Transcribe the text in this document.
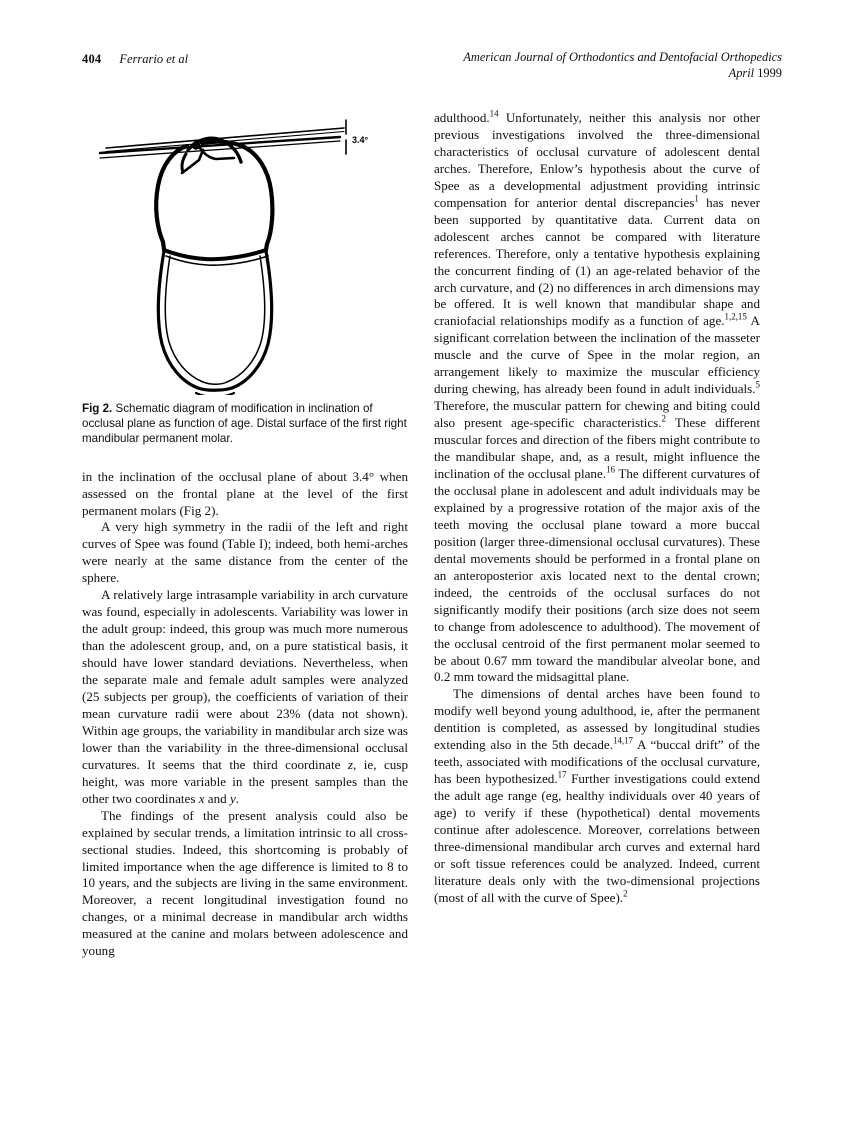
404 Ferrario et al	American Journal of Orthodontics and Dentofacial Orthopedics
April 1999
3.4°
Fig 2. Schematic diagram of modification in inclination of occlusal plane as function of age. Distal surface of the first right mandibular permanent molar.

in the inclination of the occlusal plane of about 3.4° when assessed on the frontal plane at the level of the first permanent molars (Fig 2).

A very high symmetry in the radii of the left and right curves of Spee was found (Table I); indeed, both hemi-arches were nearly at the same distance from the center of the sphere.

A relatively large intrasample variability in arch curvature was found, especially in adolescents. Variability was lower in the adult group: indeed, this group was much more numerous than the adolescent group, and, on a pure statistical basis, it should have lower standard deviations. Nevertheless, when the separate male and female adult samples were analyzed (25 subjects per group), the coefficients of variation of their mean curvature radii were about 23% (data not shown). Within age groups, the variability in mandibular arch size was lower than the variability in the three-dimensional occlusal curvatures. It seems that the third coordinate z, ie, cusp height, was more variable in the present samples than the other two coordinates x and y.

The findings of the present analysis could also be explained by secular trends, a limitation intrinsic to all cross-sectional studies. Indeed, this shortcoming is probably of limited importance when the age difference is limited to 8 to 10 years, and the subjects are living in the same environment. Moreover, a recent longitudinal investigation found no changes, or a minimal decrease in mandibular arch widths measured at the canine and molars between adolescence and young

adulthood.$^{14}$ Unfortunately, neither this analysis nor other previous investigations involved the three-dimensional characteristics of occlusal curvature of adolescent dental arches. Therefore, Enlow’s hypothesis about the curve of Spee as a developmental adjustment providing intrinsic compensation for anterior dental discrepancies$^1$ has never been supported by quantitative data. Current data on adolescent arches cannot be compared with literature references. Therefore, only a tentative hypothesis explaining the concurrent finding of (1) an age-related behavior of the arch curvature, and (2) no differences in arch dimensions may be offered. It is well known that mandibular shape and craniofacial relationships modify as a function of age.$^{1,2,15}$ A significant correlation between the inclination of the masseter muscle and the curve of Spee in the molar region, an arrangement likely to maximize the muscular efficiency during chewing, has already been found in adult individuals.$^5$ Therefore, the muscular pattern for chewing and biting could also present age-specific characteristics.$^2$ These different muscular forces and direction of the fibers might contribute to the mandibular shape, and, as a result, might influence the inclination of the occlusal plane.$^{16}$ The different curvatures of the occlusal plane in adolescent and adult individuals may be explained by a progressive rotation of the major axis of the teeth moving the occlusal plane toward a more buccal position (larger three-dimensional occlusal curvatures). These dental movements should be performed in a frontal plane on an anteroposterior axis located next to the dental crown; indeed, the centroids of the occlusal surfaces do not significantly modify their positions (arch size does not seem to change from adolescence to adulthood). The movement of the occlusal centroid of the first permanent molar seemed to be about 0.67 mm toward the mandibular alveolar bone, and 0.2 mm toward the midsagittal plane.

The dimensions of dental arches have been found to modify well beyond young adulthood, ie, after the permanent dentition is completed, as assessed by longitudinal studies extending also in the 5th decade.$^{14,17}$ A “buccal drift” of the teeth, associated with modifications of the occlusal curvature, has been hypothesized.$^{17}$ Further investigations could extend the adult age range (eg, healthy individuals over 40 years of age) to verify if these (hypothetical) dental movements continue after adolescence. Moreover, correlations between three-dimensional mandibular arch curves and external hard or soft tissue references could be analyzed. Indeed, current literature deals only with the two-dimensional projections (most of all with the curve of Spee).$^2$
